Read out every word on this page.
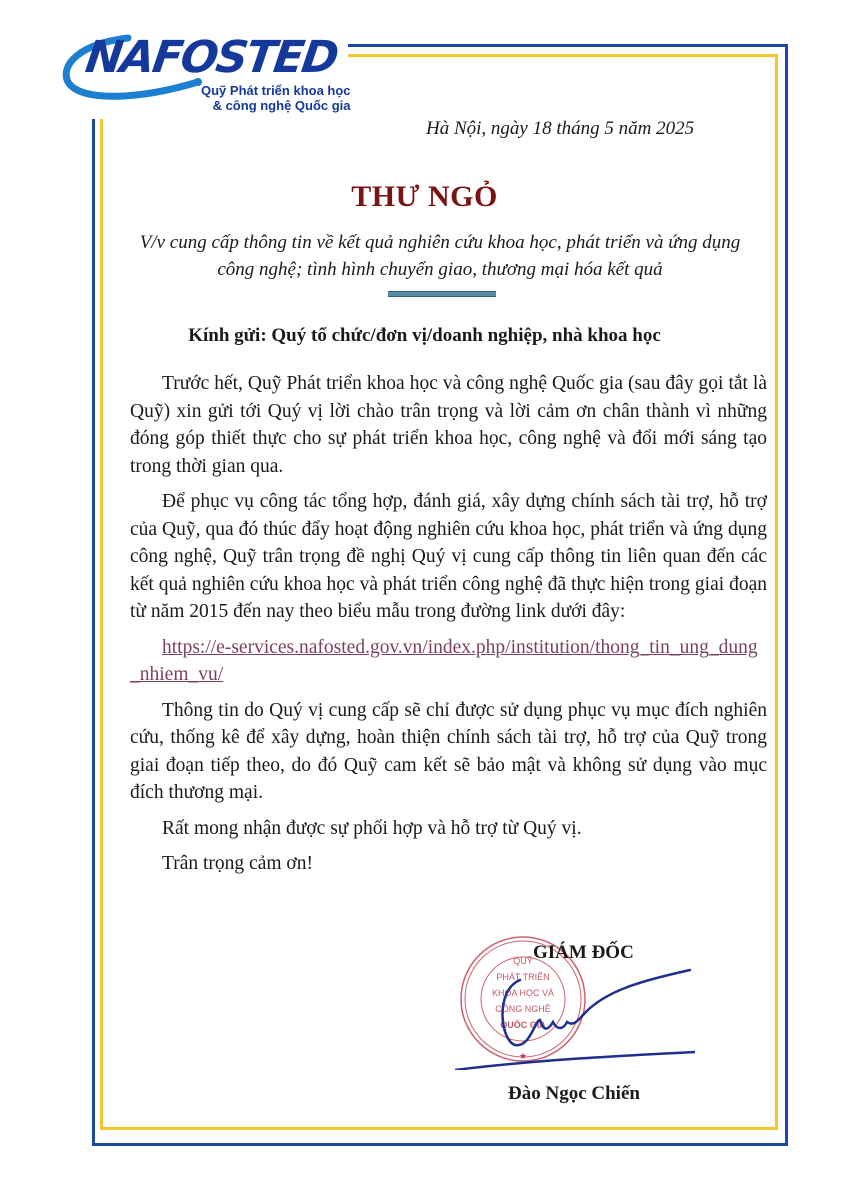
NAFOSTED
Quỹ Phát triển khoa học
& công nghệ Quốc gia
Hà Nội, ngày 18 tháng 5 năm 2025
THƯ NGỎ
V/v cung cấp thông tin về kết quả nghiên cứu khoa học, phát triển và ứng dụng
công nghệ; tình hình chuyển giao, thương mại hóa kết quả
Kính gửi: Quý tổ chức/đơn vị/doanh nghiệp, nhà khoa học

Trước hết, Quỹ Phát triển khoa học và công nghệ Quốc gia (sau đây gọi tắt là Quỹ) xin gửi tới Quý vị lời chào trân trọng và lời cảm ơn chân thành vì những đóng góp thiết thực cho sự phát triển khoa học, công nghệ và đổi mới sáng tạo trong thời gian qua.

Để phục vụ công tác tổng hợp, đánh giá, xây dựng chính sách tài trợ, hỗ trợ của Quỹ, qua đó thúc đẩy hoạt động nghiên cứu khoa học, phát triển và ứng dụng công nghệ, Quỹ trân trọng đề nghị Quý vị cung cấp thông tin liên quan đến các kết quả nghiên cứu khoa học và phát triển công nghệ đã thực hiện trong giai đoạn từ năm 2015 đến nay theo biểu mẫu trong đường link dưới đây:

https://e-services.nafosted.gov.vn/index.php/institution/thong_tin_ung_dung_nhiem_vu/

Thông tin do Quý vị cung cấp sẽ chỉ được sử dụng phục vụ mục đích nghiên cứu, thống kê để xây dựng, hoàn thiện chính sách tài trợ, hỗ trợ của Quỹ trong giai đoạn tiếp theo, do đó Quỹ cam kết sẽ bảo mật và không sử dụng vào mục đích thương mại.

Rất mong nhận được sự phối hợp và hỗ trợ từ Quý vị.

Trân trọng cảm ơn!

QUỸ
PHÁT TRIỂN
KHOA HỌC VÀ
CÔNG NGHỆ
QUỐC GIA
★
GIÁM ĐỐC
Đào Ngọc Chiến
